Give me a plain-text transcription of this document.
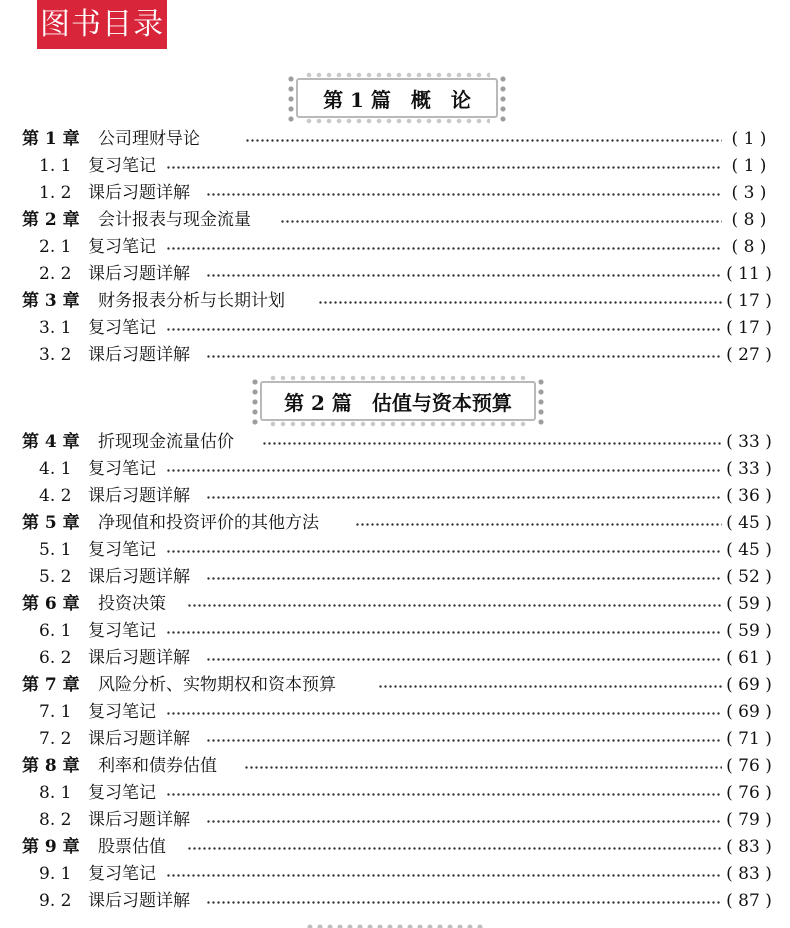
图书目录
第 1 篇　概　论
第 1 章 公司理财导论	( 1 )
1. 1 复习笔记	( 1 )
1. 2 课后习题详解	( 3 )
第 2 章 会计报表与现金流量	( 8 )
2. 1 复习笔记	( 8 )
2. 2 课后习题详解	( 11 )
第 3 章 财务报表分析与长期计划	( 17 )
3. 1 复习笔记	( 17 )
3. 2 课后习题详解	( 27 )
第 2 篇　估值与资本预算
第 4 章 折现现金流量估价	( 33 )
4. 1 复习笔记	( 33 )
4. 2 课后习题详解	( 36 )
第 5 章 净现值和投资评价的其他方法	( 45 )
5. 1 复习笔记	( 45 )
5. 2 课后习题详解	( 52 )
第 6 章 投资决策	( 59 )
6. 1 复习笔记	( 59 )
6. 2 课后习题详解	( 61 )
第 7 章 风险分析、实物期权和资本预算	( 69 )
7. 1 复习笔记	( 69 )
7. 2 课后习题详解	( 71 )
第 8 章 利率和债券估值	( 76 )
8. 1 复习笔记	( 76 )
8. 2 课后习题详解	( 79 )
第 9 章 股票估值	( 83 )
9. 1 复习笔记	( 83 )
9. 2 课后习题详解	( 87 )
